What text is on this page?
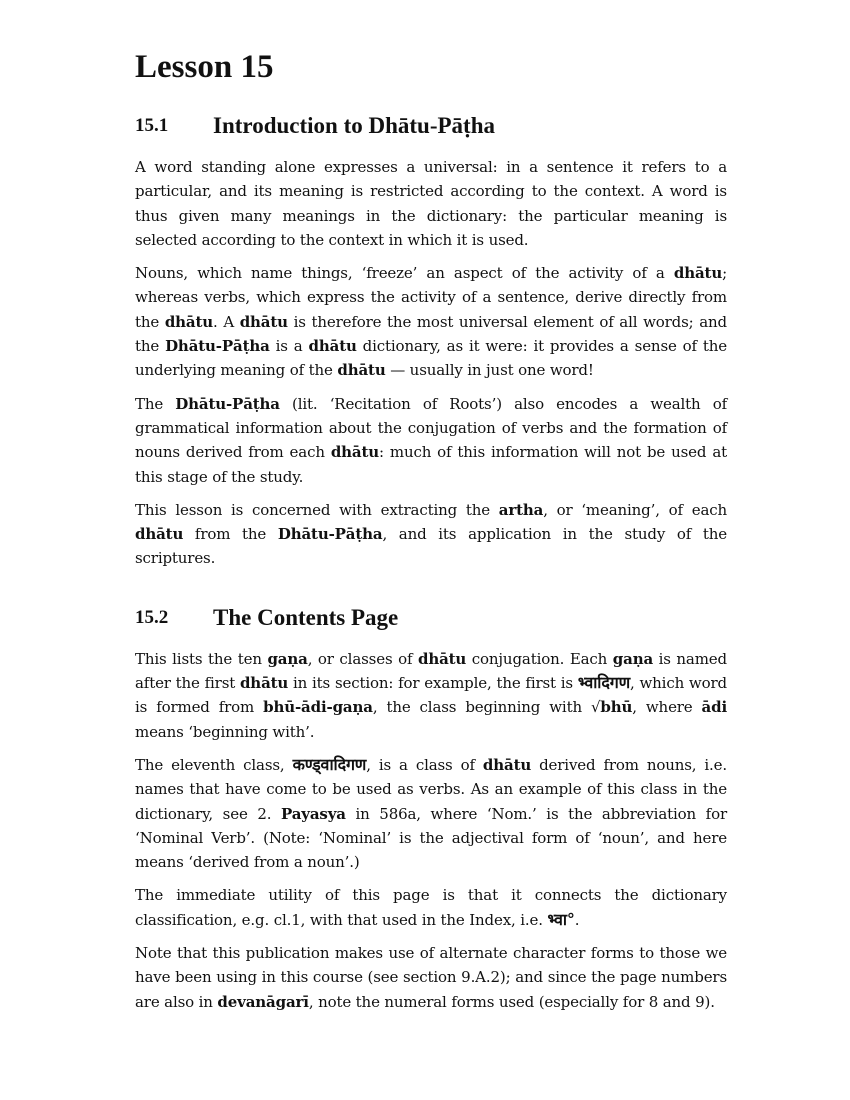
Lesson 15
15.1	Introduction to Dhātu-Pāṭha

A word standing alone expresses a universal: in a sentence it refers to a particular, and its meaning is restricted according to the context. A word is thus given many meanings in the dictionary: the particular meaning is selected according to the context in which it is used.

Nouns, which name things, ‘freeze’ an aspect of the activity of a dhātu; whereas verbs, which express the activity of a sentence, derive directly from the dhātu. A dhātu is therefore the most universal element of all words; and the Dhātu-Pāṭha is a dhātu dictionary, as it were: it provides a sense of the underlying meaning of the dhātu — usually in just one word!

The Dhātu-Pāṭha (lit. ‘Recitation of Roots’) also encodes a wealth of grammatical information about the conjugation of verbs and the formation of nouns derived from each dhātu: much of this information will not be used at this stage of the study.

This lesson is concerned with extracting the artha, or ‘meaning’, of each dhātu from the Dhātu-Pāṭha, and its application in the study of the scriptures.

15.2	The Contents Page

This lists the ten gaṇa, or classes of dhātu conjugation. Each gaṇa is named after the first dhātu in its section: for example, the first is भ्वादिगण, which word is formed from bhū-ādi-gaṇa, the class beginning with √bhū, where ādi means ‘beginning with’.

The eleventh class, कण्ड्वादिगण, is a class of dhātu derived from nouns, i.e. names that have come to be used as verbs. As an example of this class in the dictionary, see 2. Payasya in 586a, where ‘Nom.’ is the abbreviation for ‘Nominal Verb’. (Note: ‘Nominal’ is the adjectival form of ‘noun’, and here means ‘derived from a noun’.)

The immediate utility of this page is that it connects the dictionary classification, e.g. cl.1, with that used in the Index, i.e. भ्वा°.

Note that this publication makes use of alternate character forms to those we have been using in this course (see section 9.A.2); and since the page numbers are also in devanāgarī, note the numeral forms used (especially for 8 and 9).
